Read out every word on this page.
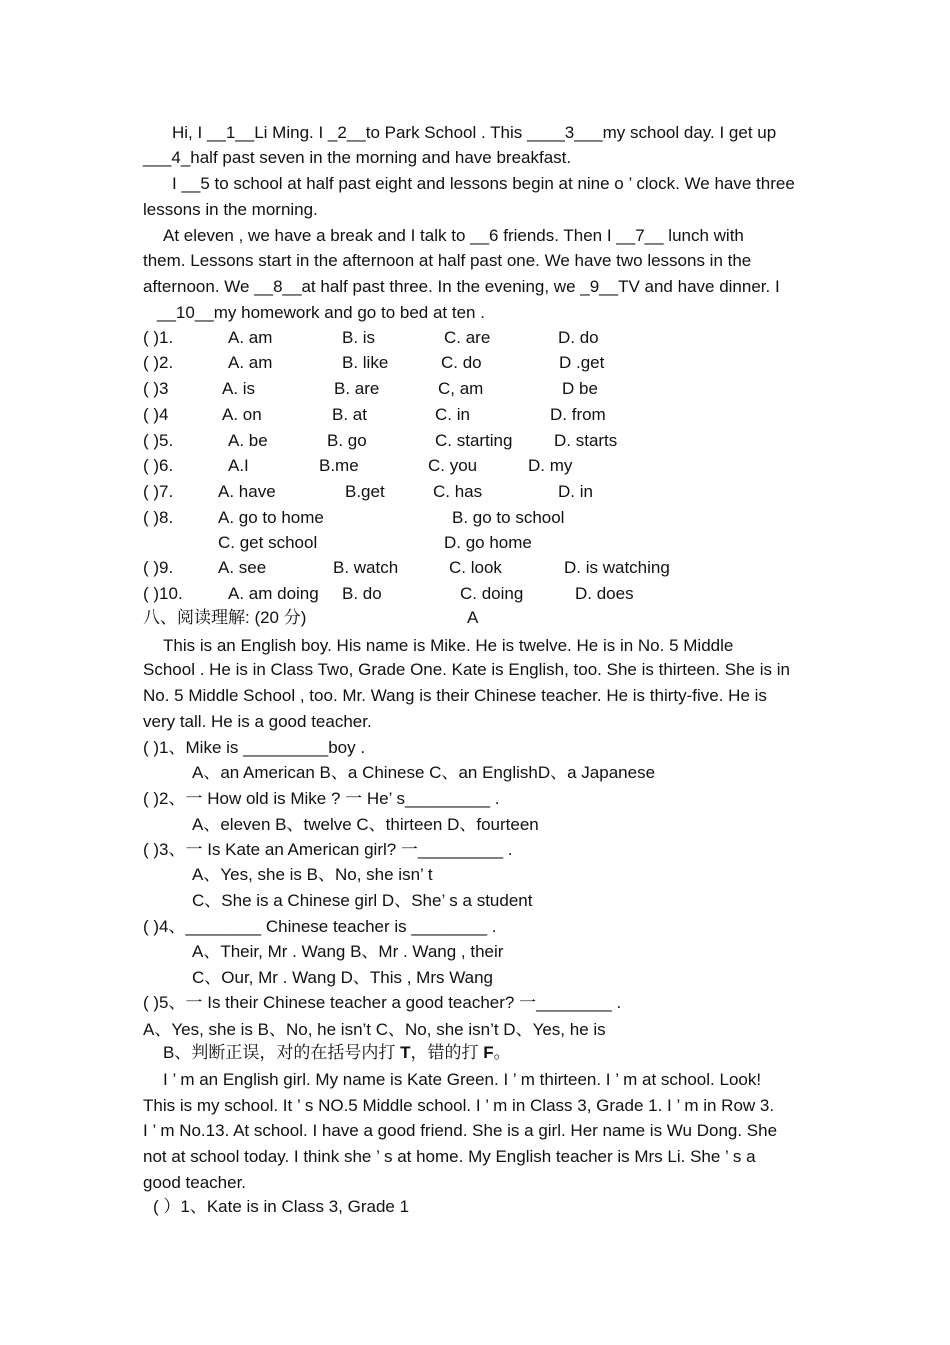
Hi, I __1__Li Ming. I _2__to Park School . This ____3___my school day. I get up
___4_half past seven in the morning and have breakfast.
I __5 to school at half past eight and lessons begin at nine o ’ clock. We have three
lessons in the morning.
At eleven , we have a break and I talk to __6 friends. Then I __7__ lunch with
them. Lessons start in the afternoon at half past one. We have two lessons in the
afternoon. We __8__at half past three. In the evening, we _9__TV and have dinner. I
__10__my homework and go to bed at ten .
( )1.	A. am	B. is	C. are	D. do
( )2.	A. am	B. like	C. do	D .get
( )3	A. is	B. are	C, am	D be
( )4	A. on	B. at	C. in	D. from
( )5.	A. be	B. go	C. starting D. starts
( )6.	A.I	B.me	C. you	D. my
( )7.	A. have	B.get	C. has	D. in
( )8.	A. go to home	B. go to school
C. get school	D. go home
( )9.	A. see	B. watch	C. look	D. is watching
( )10.	A. am doing B. do	C. doing	D. does
八、阅读理解: (20 分)	A
This is an English boy. His name is Mike. He is twelve. He is in No. 5 Middle
School . He is in Class Two, Grade One. Kate is English, too. She is thirteen. She is in
No. 5 Middle School , too. Mr. Wang is their Chinese teacher. He is thirty-five. He is
very tall. He is a good teacher.
( )1、Mike is _________boy .
A、an American B、a Chinese C、an EnglishD、a Japanese
( )2、一 How old is Mike ? 一 He’ s_________ .
A、eleven B、twelve C、thirteen D、fourteen
( )3、一 Is Kate an American girl? 一_________ .
A、Yes, she is B、No, she isn’ t
C、She is a Chinese girl D、She’ s a student
( )4、________ Chinese teacher is ________ .
A、Their, Mr . Wang B、Mr . Wang , their
C、Our, Mr . Wang D、This , Mrs Wang
( )5、一 Is their Chinese teacher a good teacher? 一________ .
A、Yes, she is B、No, he isn’t C、No, she isn’t D、Yes, he is
B、判断正误，对的在括号内打 T，错的打 F。
I ’ m an English girl. My name is Kate Green. I ’ m thirteen. I ’ m at school. Look!
This is my school. It ’ s NO.5 Middle school. I ’ m in Class 3, Grade 1. I ’ m in Row 3.
I ’ m No.13. At school. I have a good friend. She is a girl. Her name is Wu Dong. She
not at school today. I think she ’ s at home. My English teacher is Mrs Li. She ’ s a
good teacher.
( ）1、Kate is in Class 3, Grade 1
